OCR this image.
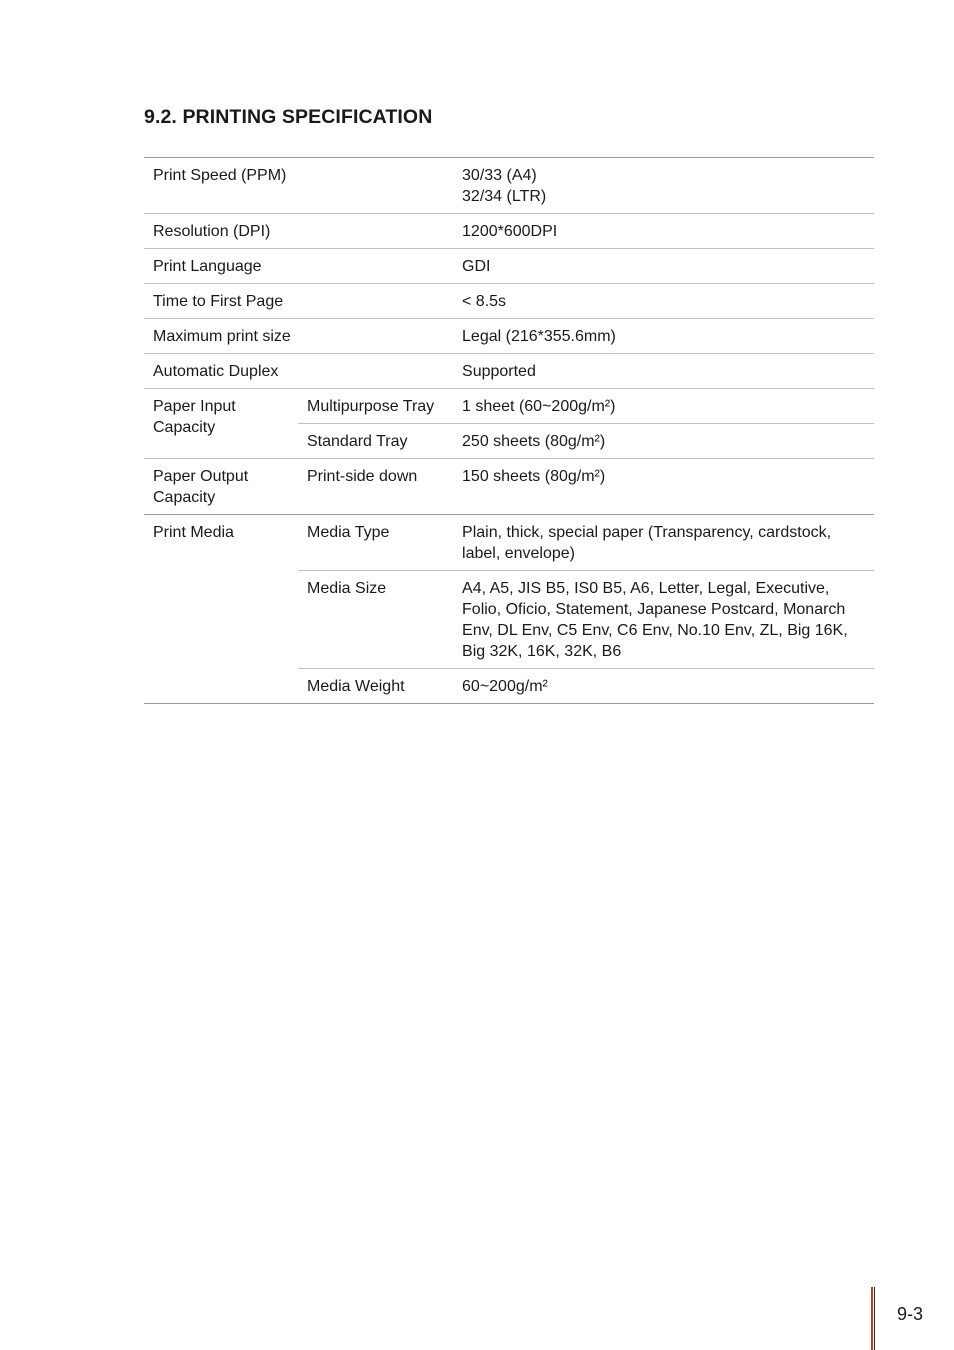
9.2. PRINTING SPECIFICATION
Print Speed (PPM)		30/33 (A4)
32/34 (LTR)
Resolution (DPI)		1200*600DPI
Print Language		GDI
Time to First Page		< 8.5s
Maximum print size		Legal (216*355.6mm)
Automatic Duplex		Supported
Paper Input Capacity	Multipurpose Tray	1 sheet (60~200g/m²)
	Standard Tray	250 sheets (80g/m²)
Paper Output Capacity	Print-side down	150 sheets (80g/m²)
Print Media	Media Type	Plain, thick, special paper (Transparency, cardstock, label, envelope)
	Media Size	A4, A5, JIS B5, IS0 B5, A6, Letter, Legal, Executive, Folio, Oficio, Statement, Japanese Postcard, Monarch Env, DL Env, C5 Env, C6 Env, No.10 Env, ZL, Big 16K, Big 32K, 16K, 32K, B6
	Media Weight	60~200g/m²
9-3
